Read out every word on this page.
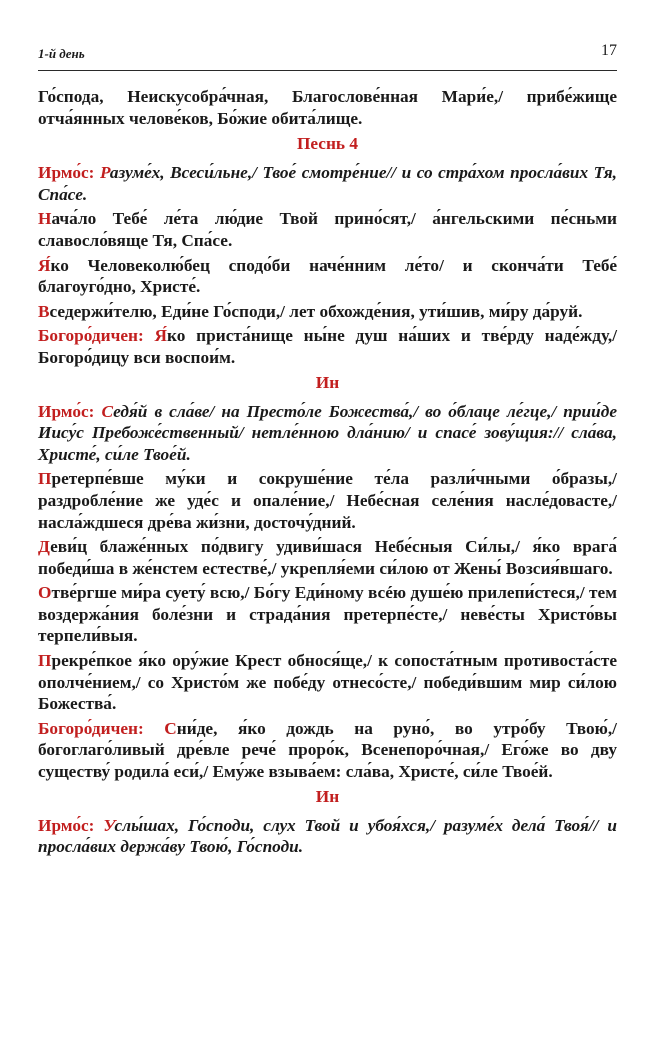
1-й день	17

Го́спода, Неискусобра́чная, Благослове́нная Мари́е,/ прибе́жище отча́янных челове́ков, Бо́жие обита́лище.

Песнь 4

Ирмо́с: Разуме́х, Всеси́льне,/ Твое́ смотре́ние// и со стра́хом просла́вих Тя, Спа́се.

Нача́ло Тебе́ ле́та лю́дие Твой прино́сят,/ а́нгельскими пе́сньми славосло́вяще Тя, Спа́се.

Я́ко Человеколю́бец сподо́би наче́нним ле́то/ и сконча́ти Тебе́ благоуго́дно, Христе́.

Вседержи́телю, Еди́не Го́споди,/ лет обхожде́ния, ути́шив, ми́ру да́руй.

Богоро́дичен: Я́ко приста́нище ны́не душ на́ших и тве́рду наде́жду,/ Богоро́дицу вси воспои́м.

Ин

Ирмо́с: Седя́й в сла́ве/ на Престо́ле Божества́,/ во о́блаце ле́гце,/ прии́де Иису́с Пребоже́ственный/ нетле́нною дла́нию/ и спасе́ зову́щия:// сла́ва, Христе́, си́ле Твое́й.

Претерпе́вше му́ки и сокруше́ние те́ла разли́чными о́бразы,/ раздробле́ние же уде́с и опале́ние,/ Небе́сная селе́ния насле́довасте,/ насла́ждшеся дре́ва жи́зни, досточу́дний.

Деви́ц блаже́нных по́двигу удиви́шася Небе́сныя Си́лы,/ я́ко врага́ победи́ша в же́нстем естестве́,/ укрепля́еми си́лою от Жены́ Возсия́вшаго.

Отве́ргше ми́ра суету́ всю,/ Бо́гу Еди́ному всéю душе́ю прилепи́стеся,/ тем воздержа́ния боле́зни и страда́ния претерпе́сте,/ неве́сты Христо́вы терпели́выя.

Прекре́пкое я́ко ору́жие Крест обнося́ще,/ к сопоста́тным противоста́сте ополче́нием,/ со Христо́м же побе́ду отнесо́сте,/ победи́вшим мир си́лою Божества́.

Богоро́дичен: Сни́де, я́ко дождь на руно́, во утро́бу Твою́,/ богоглаго́ливый дре́вле рече́ проро́к, Всенепоро́чная,/ Его́же во дву существу́ родила́ еси́,/ Ему́же взыва́ем: сла́ва, Христе́, си́ле Твое́й.

Ин

Ирмо́с: Услы́шах, Го́споди, слух Твой и убоя́хся,/ разуме́х дела́ Твоя́// и просла́вих держа́ву Твою́, Го́споди.
